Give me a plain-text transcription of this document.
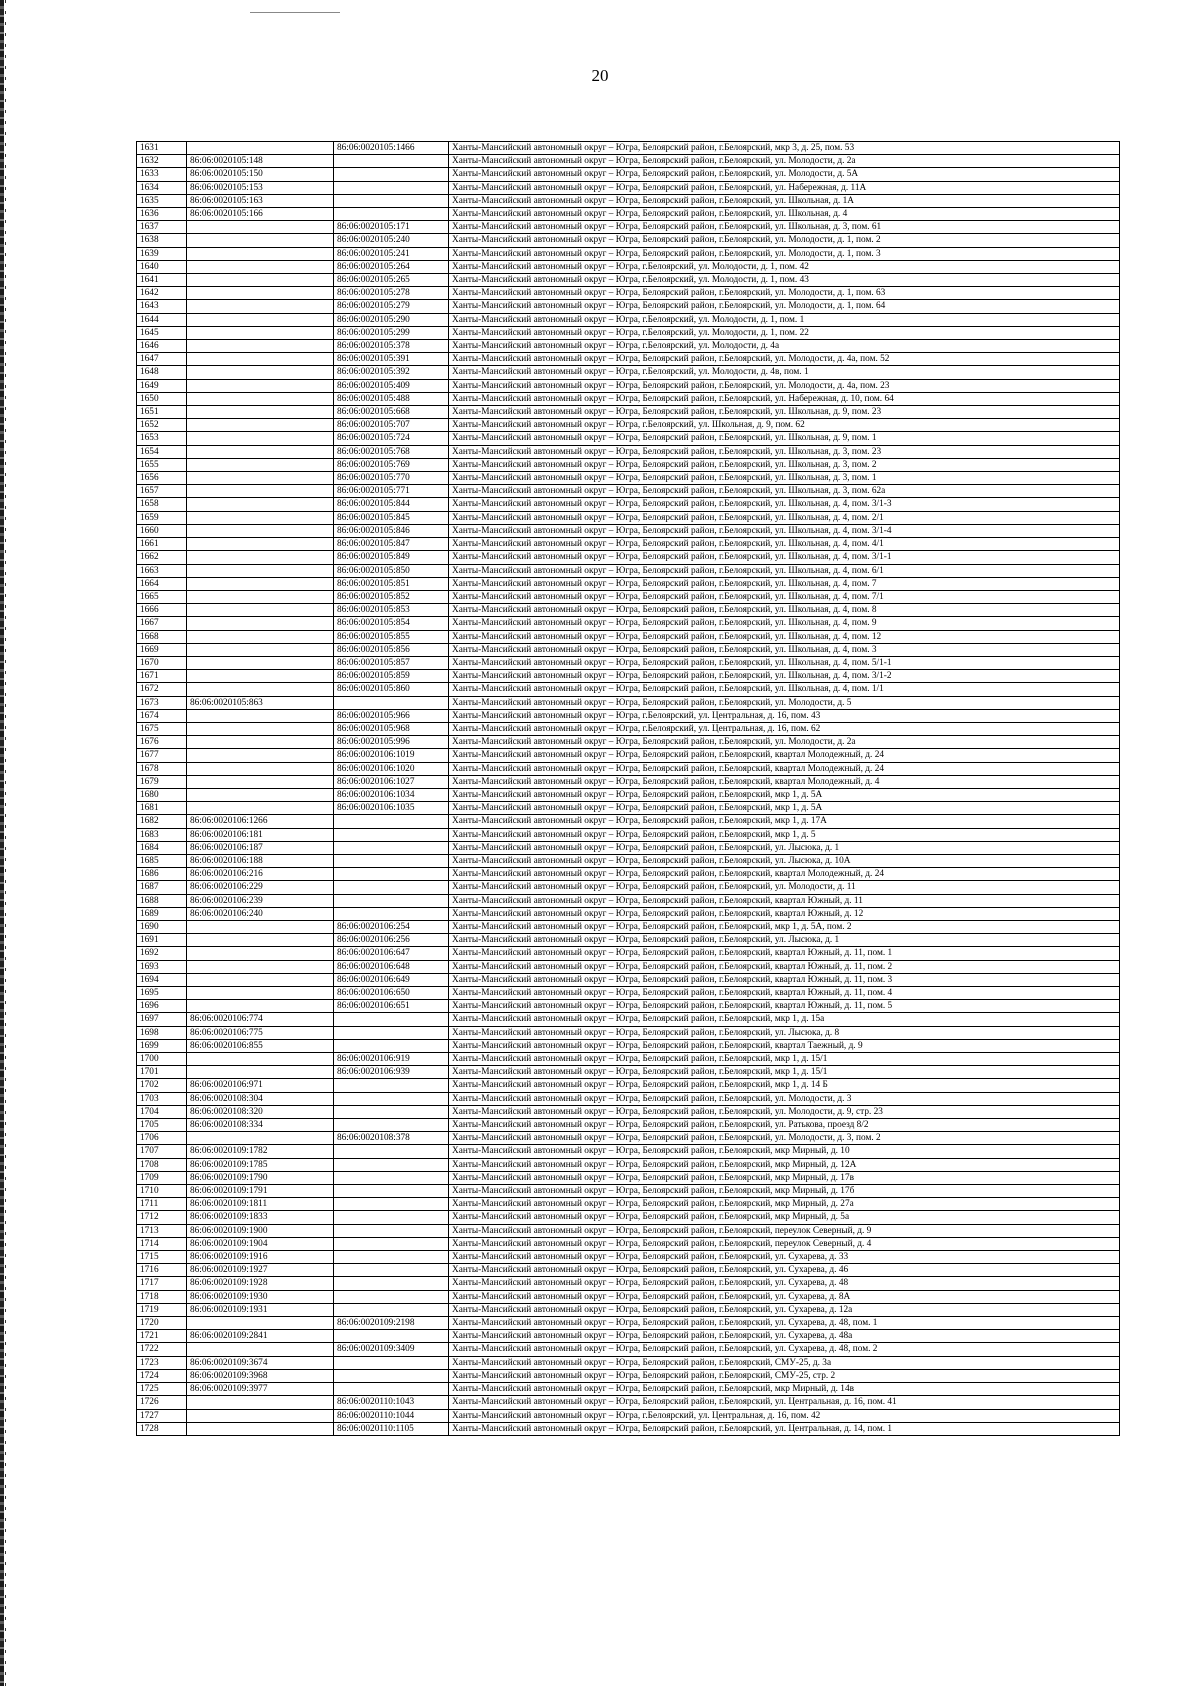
20
1631		86:06:0020105:1466	Ханты-Мансийский автономный округ – Югра, Белоярский район, г.Белоярский, мкр 3, д. 25, пом. 53
1632	86:06:0020105:148		Ханты-Мансийский автономный округ – Югра, Белоярский район, г.Белоярский, ул. Молодости, д. 2а
1633	86:06:0020105:150		Ханты-Мансийский автономный округ – Югра, Белоярский район, г.Белоярский, ул. Молодости, д. 5А
1634	86:06:0020105:153		Ханты-Мансийский автономный округ – Югра, Белоярский район, г.Белоярский, ул. Набережная, д. 11А
1635	86:06:0020105:163		Ханты-Мансийский автономный округ – Югра, Белоярский район, г.Белоярский, ул. Школьная, д. 1А
1636	86:06:0020105:166		Ханты-Мансийский автономный округ – Югра, Белоярский район, г.Белоярский, ул. Школьная, д. 4
1637		86:06:0020105:171	Ханты-Мансийский автономный округ – Югра, Белоярский район, г.Белоярский, ул. Школьная, д. 3, пом. 61
1638		86:06:0020105:240	Ханты-Мансийский автономный округ – Югра, Белоярский район, г.Белоярский, ул. Молодости, д. 1, пом. 2
1639		86:06:0020105:241	Ханты-Мансийский автономный округ – Югра, Белоярский район, г.Белоярский, ул. Молодости, д. 1, пом. 3
1640		86:06:0020105:264	Ханты-Мансийский автономный округ – Югра, г.Белоярский, ул. Молодости, д. 1, пом. 42
1641		86:06:0020105:265	Ханты-Мансийский автономный округ – Югра, г.Белоярский, ул. Молодости, д. 1, пом. 43
1642		86:06:0020105:278	Ханты-Мансийский автономный округ – Югра, Белоярский район, г.Белоярский, ул. Молодости, д. 1, пом. 63
1643		86:06:0020105:279	Ханты-Мансийский автономный округ – Югра, Белоярский район, г.Белоярский, ул. Молодости, д. 1, пом. 64
1644		86:06:0020105:290	Ханты-Мансийский автономный округ – Югра, г.Белоярский, ул. Молодости, д. 1, пом. 1
1645		86:06:0020105:299	Ханты-Мансийский автономный округ – Югра, г.Белоярский, ул. Молодости, д. 1, пом. 22
1646		86:06:0020105:378	Ханты-Мансийский автономный округ – Югра, г.Белоярский, ул. Молодости, д. 4а
1647		86:06:0020105:391	Ханты-Мансийский автономный округ – Югра, Белоярский район, г.Белоярский, ул. Молодости, д. 4а, пом. 52
1648		86:06:0020105:392	Ханты-Мансийский автономный округ – Югра, г.Белоярский, ул. Молодости, д. 4в, пом. 1
1649		86:06:0020105:409	Ханты-Мансийский автономный округ – Югра, Белоярский район, г.Белоярский, ул. Молодости, д. 4а, пом. 23
1650		86:06:0020105:488	Ханты-Мансийский автономный округ – Югра, Белоярский район, г.Белоярский, ул. Набережная, д. 10, пом. 64
1651		86:06:0020105:668	Ханты-Мансийский автономный округ – Югра, Белоярский район, г.Белоярский, ул. Школьная, д. 9, пом. 23
1652		86:06:0020105:707	Ханты-Мансийский автономный округ – Югра, г.Белоярский, ул. Школьная, д. 9, пом. 62
1653		86:06:0020105:724	Ханты-Мансийский автономный округ – Югра, Белоярский район, г.Белоярский, ул. Школьная, д. 9, пом. 1
1654		86:06:0020105:768	Ханты-Мансийский автономный округ – Югра, Белоярский район, г.Белоярский, ул. Школьная, д. 3, пом. 23
1655		86:06:0020105:769	Ханты-Мансийский автономный округ – Югра, Белоярский район, г.Белоярский, ул. Школьная, д. 3, пом. 2
1656		86:06:0020105:770	Ханты-Мансийский автономный округ – Югра, Белоярский район, г.Белоярский, ул. Школьная, д. 3, пом. 1
1657		86:06:0020105:771	Ханты-Мансийский автономный округ – Югра, Белоярский район, г.Белоярский, ул. Школьная, д. 3, пом. 62а
1658		86:06:0020105:844	Ханты-Мансийский автономный округ – Югра, Белоярский район, г.Белоярский, ул. Школьная, д. 4, пом. 3/1-3
1659		86:06:0020105:845	Ханты-Мансийский автономный округ – Югра, Белоярский район, г.Белоярский, ул. Школьная, д. 4, пом. 2/1
1660		86:06:0020105:846	Ханты-Мансийский автономный округ – Югра, Белоярский район, г.Белоярский, ул. Школьная, д. 4, пом. 3/1-4
1661		86:06:0020105:847	Ханты-Мансийский автономный округ – Югра, Белоярский район, г.Белоярский, ул. Школьная, д. 4, пом. 4/1
1662		86:06:0020105:849	Ханты-Мансийский автономный округ – Югра, Белоярский район, г.Белоярский, ул. Школьная, д. 4, пом. 3/1-1
1663		86:06:0020105:850	Ханты-Мансийский автономный округ – Югра, Белоярский район, г.Белоярский, ул. Школьная, д. 4, пом. 6/1
1664		86:06:0020105:851	Ханты-Мансийский автономный округ – Югра, Белоярский район, г.Белоярский, ул. Школьная, д. 4, пом. 7
1665		86:06:0020105:852	Ханты-Мансийский автономный округ – Югра, Белоярский район, г.Белоярский, ул. Школьная, д. 4, пом. 7/1
1666		86:06:0020105:853	Ханты-Мансийский автономный округ – Югра, Белоярский район, г.Белоярский, ул. Школьная, д. 4, пом. 8
1667		86:06:0020105:854	Ханты-Мансийский автономный округ – Югра, Белоярский район, г.Белоярский, ул. Школьная, д. 4, пом. 9
1668		86:06:0020105:855	Ханты-Мансийский автономный округ – Югра, Белоярский район, г.Белоярский, ул. Школьная, д. 4, пом. 12
1669		86:06:0020105:856	Ханты-Мансийский автономный округ – Югра, Белоярский район, г.Белоярский, ул. Школьная, д. 4, пом. 3
1670		86:06:0020105:857	Ханты-Мансийский автономный округ – Югра, Белоярский район, г.Белоярский, ул. Школьная, д. 4, пом. 5/1-1
1671		86:06:0020105:859	Ханты-Мансийский автономный округ – Югра, Белоярский район, г.Белоярский, ул. Школьная, д. 4, пом. 3/1-2
1672		86:06:0020105:860	Ханты-Мансийский автономный округ – Югра, Белоярский район, г.Белоярский, ул. Школьная, д. 4, пом. 1/1
1673	86:06:0020105:863		Ханты-Мансийский автономный округ – Югра, Белоярский район, г.Белоярский, ул. Молодости, д. 5
1674		86:06:0020105:966	Ханты-Мансийский автономный округ – Югра, г.Белоярский, ул. Центральная, д. 16, пом. 43
1675		86:06:0020105:968	Ханты-Мансийский автономный округ – Югра, г.Белоярский, ул. Центральная, д. 16, пом. 62
1676		86:06:0020105:996	Ханты-Мансийский автономный округ – Югра, Белоярский район, г.Белоярский, ул. Молодости, д. 2а
1677		86:06:0020106:1019	Ханты-Мансийский автономный округ – Югра, Белоярский район, г.Белоярский, квартал Молодежный, д. 24
1678		86:06:0020106:1020	Ханты-Мансийский автономный округ – Югра, Белоярский район, г.Белоярский, квартал Молодежный, д. 24
1679		86:06:0020106:1027	Ханты-Мансийский автономный округ – Югра, Белоярский район, г.Белоярский, квартал Молодежный, д. 4
1680		86:06:0020106:1034	Ханты-Мансийский автономный округ – Югра, Белоярский район, г.Белоярский, мкр 1, д. 5А
1681		86:06:0020106:1035	Ханты-Мансийский автономный округ – Югра, Белоярский район, г.Белоярский, мкр 1, д. 5А
1682	86:06:0020106:1266		Ханты-Мансийский автономный округ – Югра, Белоярский район, г.Белоярский, мкр 1, д. 17А
1683	86:06:0020106:181		Ханты-Мансийский автономный округ – Югра, Белоярский район, г.Белоярский, мкр 1, д. 5
1684	86:06:0020106:187		Ханты-Мансийский автономный округ – Югра, Белоярский район, г.Белоярский, ул. Лысюка, д. 1
1685	86:06:0020106:188		Ханты-Мансийский автономный округ – Югра, Белоярский район, г.Белоярский, ул. Лысюка, д. 10А
1686	86:06:0020106:216		Ханты-Мансийский автономный округ – Югра, Белоярский район, г.Белоярский, квартал Молодежный, д. 24
1687	86:06:0020106:229		Ханты-Мансийский автономный округ – Югра, Белоярский район, г.Белоярский, ул. Молодости, д. 11
1688	86:06:0020106:239		Ханты-Мансийский автономный округ – Югра, Белоярский район, г.Белоярский, квартал Южный, д. 11
1689	86:06:0020106:240		Ханты-Мансийский автономный округ – Югра, Белоярский район, г.Белоярский, квартал Южный, д. 12
1690		86:06:0020106:254	Ханты-Мансийский автономный округ – Югра, Белоярский район, г.Белоярский, мкр 1, д. 5А, пом. 2
1691		86:06:0020106:256	Ханты-Мансийский автономный округ – Югра, Белоярский район, г.Белоярский, ул. Лысюка, д. 1
1692		86:06:0020106:647	Ханты-Мансийский автономный округ – Югра, Белоярский район, г.Белоярский, квартал Южный, д. 11, пом. 1
1693		86:06:0020106:648	Ханты-Мансийский автономный округ – Югра, Белоярский район, г.Белоярский, квартал Южный, д. 11, пом. 2
1694		86:06:0020106:649	Ханты-Мансийский автономный округ – Югра, Белоярский район, г.Белоярский, квартал Южный, д. 11, пом. 3
1695		86:06:0020106:650	Ханты-Мансийский автономный округ – Югра, Белоярский район, г.Белоярский, квартал Южный, д. 11, пом. 4
1696		86:06:0020106:651	Ханты-Мансийский автономный округ – Югра, Белоярский район, г.Белоярский, квартал Южный, д. 11, пом. 5
1697	86:06:0020106:774		Ханты-Мансийский автономный округ – Югра, Белоярский район, г.Белоярский, мкр 1, д. 15а
1698	86:06:0020106:775		Ханты-Мансийский автономный округ – Югра, Белоярский район, г.Белоярский, ул. Лысюка, д. 8
1699	86:06:0020106:855		Ханты-Мансийский автономный округ – Югра, Белоярский район, г.Белоярский, квартал Таежный, д. 9
1700		86:06:0020106:919	Ханты-Мансийский автономный округ – Югра, Белоярский район, г.Белоярский, мкр 1, д. 15/1
1701		86:06:0020106:939	Ханты-Мансийский автономный округ – Югра, Белоярский район, г.Белоярский, мкр 1, д. 15/1
1702	86:06:0020106:971		Ханты-Мансийский автономный округ – Югра, Белоярский район, г.Белоярский, мкр 1, д. 14 Б
1703	86:06:0020108:304		Ханты-Мансийский автономный округ – Югра, Белоярский район, г.Белоярский, ул. Молодости, д. 3
1704	86:06:0020108:320		Ханты-Мансийский автономный округ – Югра, Белоярский район, г.Белоярский, ул. Молодости, д. 9, стр. 23
1705	86:06:0020108:334		Ханты-Мансийский автономный округ – Югра, Белоярский район, г.Белоярский, ул. Ратькова, проезд 8/2
1706		86:06:0020108:378	Ханты-Мансийский автономный округ – Югра, Белоярский район, г.Белоярский, ул. Молодости, д. 3, пом. 2
1707	86:06:0020109:1782		Ханты-Мансийский автономный округ – Югра, Белоярский район, г.Белоярский, мкр Мирный, д. 10
1708	86:06:0020109:1785		Ханты-Мансийский автономный округ – Югра, Белоярский район, г.Белоярский, мкр Мирный, д. 12А
1709	86:06:0020109:1790		Ханты-Мансийский автономный округ – Югра, Белоярский район, г.Белоярский, мкр Мирный, д. 17в
1710	86:06:0020109:1791		Ханты-Мансийский автономный округ – Югра, Белоярский район, г.Белоярский, мкр Мирный, д. 17б
1711	86:06:0020109:1811		Ханты-Мансийский автономный округ – Югра, Белоярский район, г.Белоярский, мкр Мирный, д. 27а
1712	86:06:0020109:1833		Ханты-Мансийский автономный округ – Югра, Белоярский район, г.Белоярский, мкр Мирный, д. 5а
1713	86:06:0020109:1900		Ханты-Мансийский автономный округ – Югра, Белоярский район, г.Белоярский, переулок Северный, д. 9
1714	86:06:0020109:1904		Ханты-Мансийский автономный округ – Югра, Белоярский район, г.Белоярский, переулок Северный, д. 4
1715	86:06:0020109:1916		Ханты-Мансийский автономный округ – Югра, Белоярский район, г.Белоярский, ул. Сухарева, д. 33
1716	86:06:0020109:1927		Ханты-Мансийский автономный округ – Югра, Белоярский район, г.Белоярский, ул. Сухарева, д. 46
1717	86:06:0020109:1928		Ханты-Мансийский автономный округ – Югра, Белоярский район, г.Белоярский, ул. Сухарева, д. 48
1718	86:06:0020109:1930		Ханты-Мансийский автономный округ – Югра, Белоярский район, г.Белоярский, ул. Сухарева, д. 8А
1719	86:06:0020109:1931		Ханты-Мансийский автономный округ – Югра, Белоярский район, г.Белоярский, ул. Сухарева, д. 12а
1720		86:06:0020109:2198	Ханты-Мансийский автономный округ – Югра, Белоярский район, г.Белоярский, ул. Сухарева, д. 48, пом. 1
1721	86:06:0020109:2841		Ханты-Мансийский автономный округ – Югра, Белоярский район, г.Белоярский, ул. Сухарева, д. 48а
1722		86:06:0020109:3409	Ханты-Мансийский автономный округ – Югра, Белоярский район, г.Белоярский, ул. Сухарева, д. 48, пом. 2
1723	86:06:0020109:3674		Ханты-Мансийский автономный округ – Югра, Белоярский район, г.Белоярский, СМУ-25, д. 3а
1724	86:06:0020109:3968		Ханты-Мансийский автономный округ – Югра, Белоярский район, г.Белоярский, СМУ-25, стр. 2
1725	86:06:0020109:3977		Ханты-Мансийский автономный округ – Югра, Белоярский район, г.Белоярский, мкр Мирный, д. 14в
1726		86:06:0020110:1043	Ханты-Мансийский автономный округ – Югра, Белоярский район, г.Белоярский, ул. Центральная, д. 16, пом. 41
1727		86:06:0020110:1044	Ханты-Мансийский автономный округ – Югра, г.Белоярский, ул. Центральная, д. 16, пом. 42
1728		86:06:0020110:1105	Ханты-Мансийский автономный округ – Югра, Белоярский район, г.Белоярский, ул. Центральная, д. 14, пом. 1
